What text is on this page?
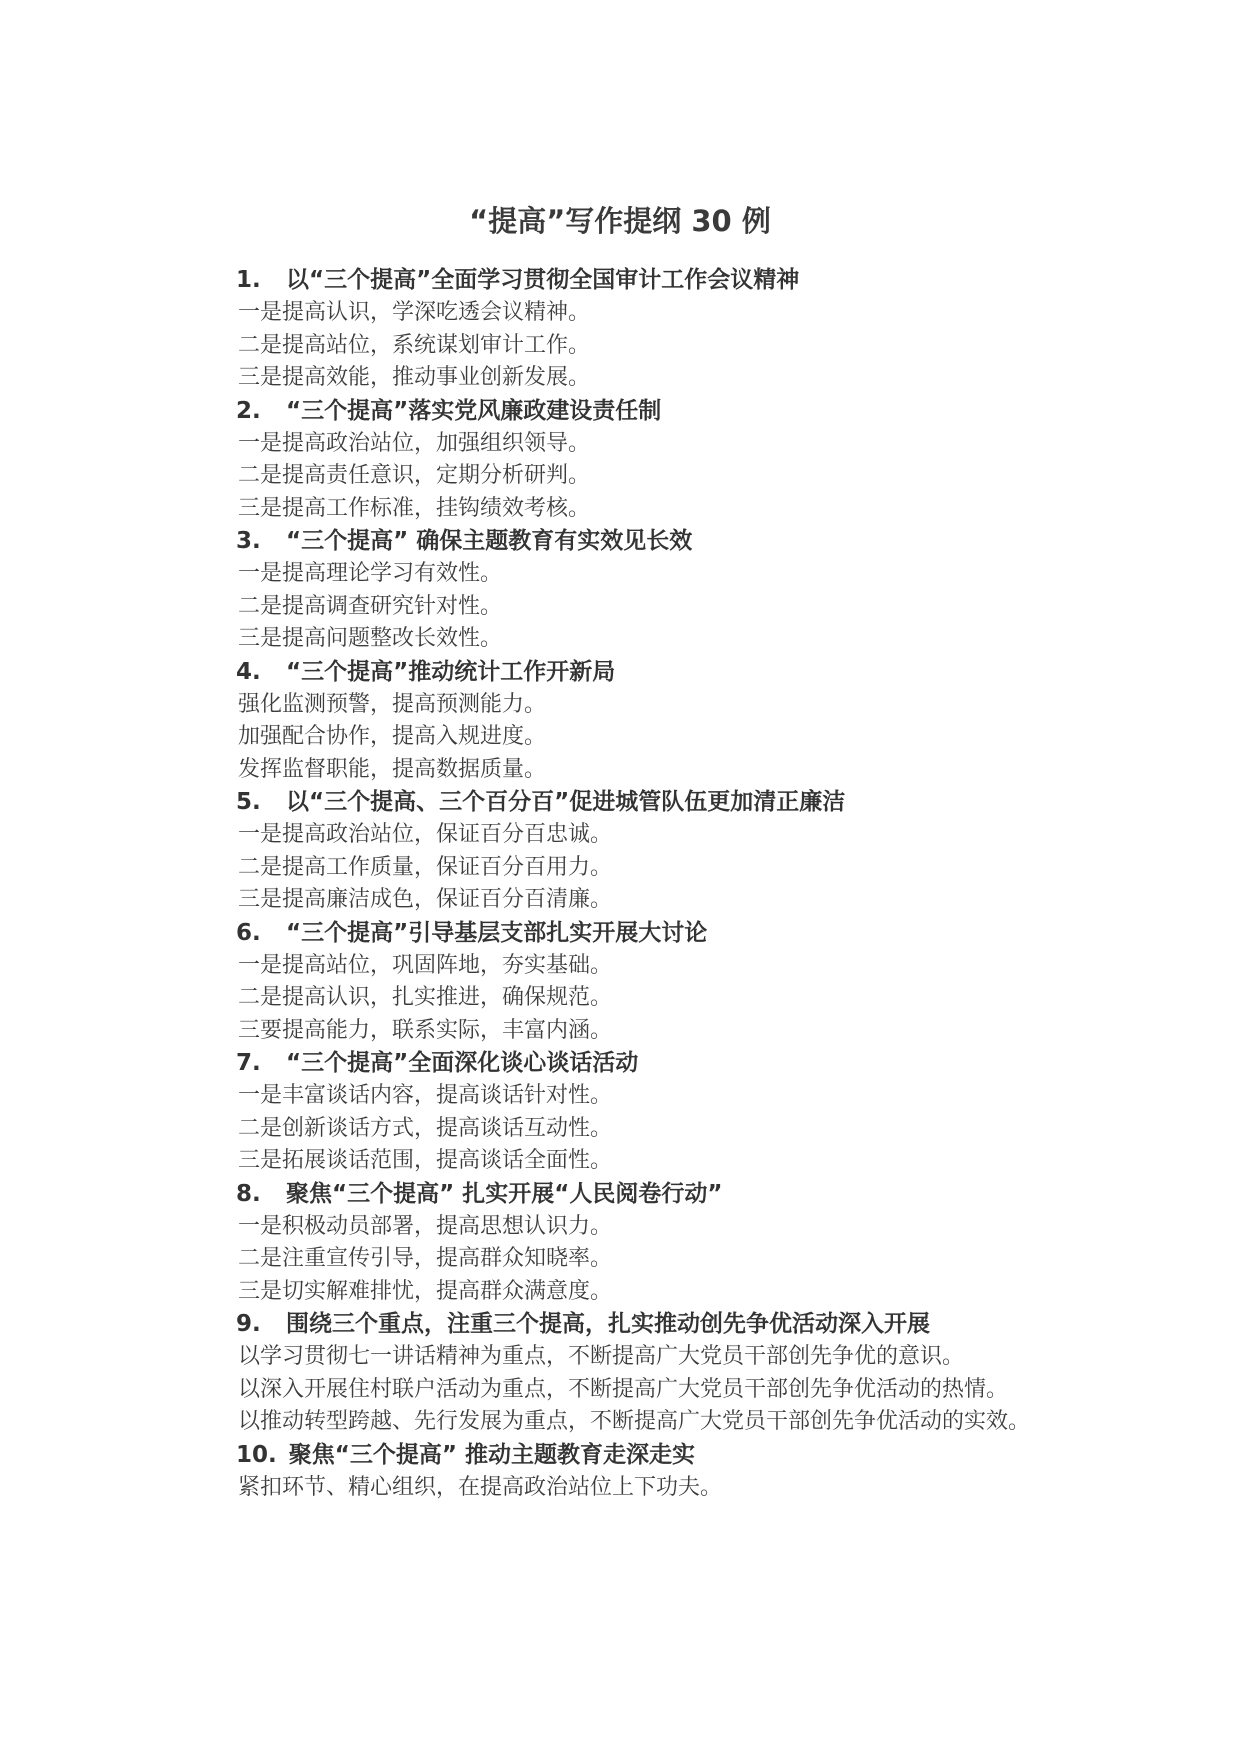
“提高”写作提纲 30 例

1. 以“三个提高”全面学习贯彻全国审计工作会议精神

一是提高认识，学深吃透会议精神。

二是提高站位，系统谋划审计工作。

三是提高效能，推动事业创新发展。

2. “三个提高”落实党风廉政建设责任制

一是提高政治站位，加强组织领导。

二是提高责任意识，定期分析研判。

三是提高工作标准，挂钩绩效考核。

3. “三个提高” 确保主题教育有实效见长效

一是提高理论学习有效性。

二是提高调查研究针对性。

三是提高问题整改长效性。

4. “三个提高”推动统计工作开新局

强化监测预警，提高预测能力。

加强配合协作，提高入规进度。

发挥监督职能，提高数据质量。

5. 以“三个提高、三个百分百”促进城管队伍更加清正廉洁

一是提高政治站位，保证百分百忠诚。

二是提高工作质量，保证百分百用力。

三是提高廉洁成色，保证百分百清廉。

6. “三个提高”引导基层支部扎实开展大讨论

一是提高站位，巩固阵地，夯实基础。

二是提高认识，扎实推进，确保规范。

三要提高能力，联系实际，丰富内涵。

7. “三个提高”全面深化谈心谈话活动

一是丰富谈话内容，提高谈话针对性。

二是创新谈话方式，提高谈话互动性。

三是拓展谈话范围，提高谈话全面性。

8. 聚焦“三个提高” 扎实开展“人民阅卷行动”

一是积极动员部署，提高思想认识力。

二是注重宣传引导，提高群众知晓率。

三是切实解难排忧，提高群众满意度。

9. 围绕三个重点，注重三个提高，扎实推动创先争优活动深入开展

以学习贯彻七一讲话精神为重点，不断提高广大党员干部创先争优的意识。

以深入开展住村联户活动为重点，不断提高广大党员干部创先争优活动的热情。

以推动转型跨越、先行发展为重点，不断提高广大党员干部创先争优活动的实效。

10. 聚焦“三个提高” 推动主题教育走深走实

紧扣环节、精心组织，在提高政治站位上下功夫。
